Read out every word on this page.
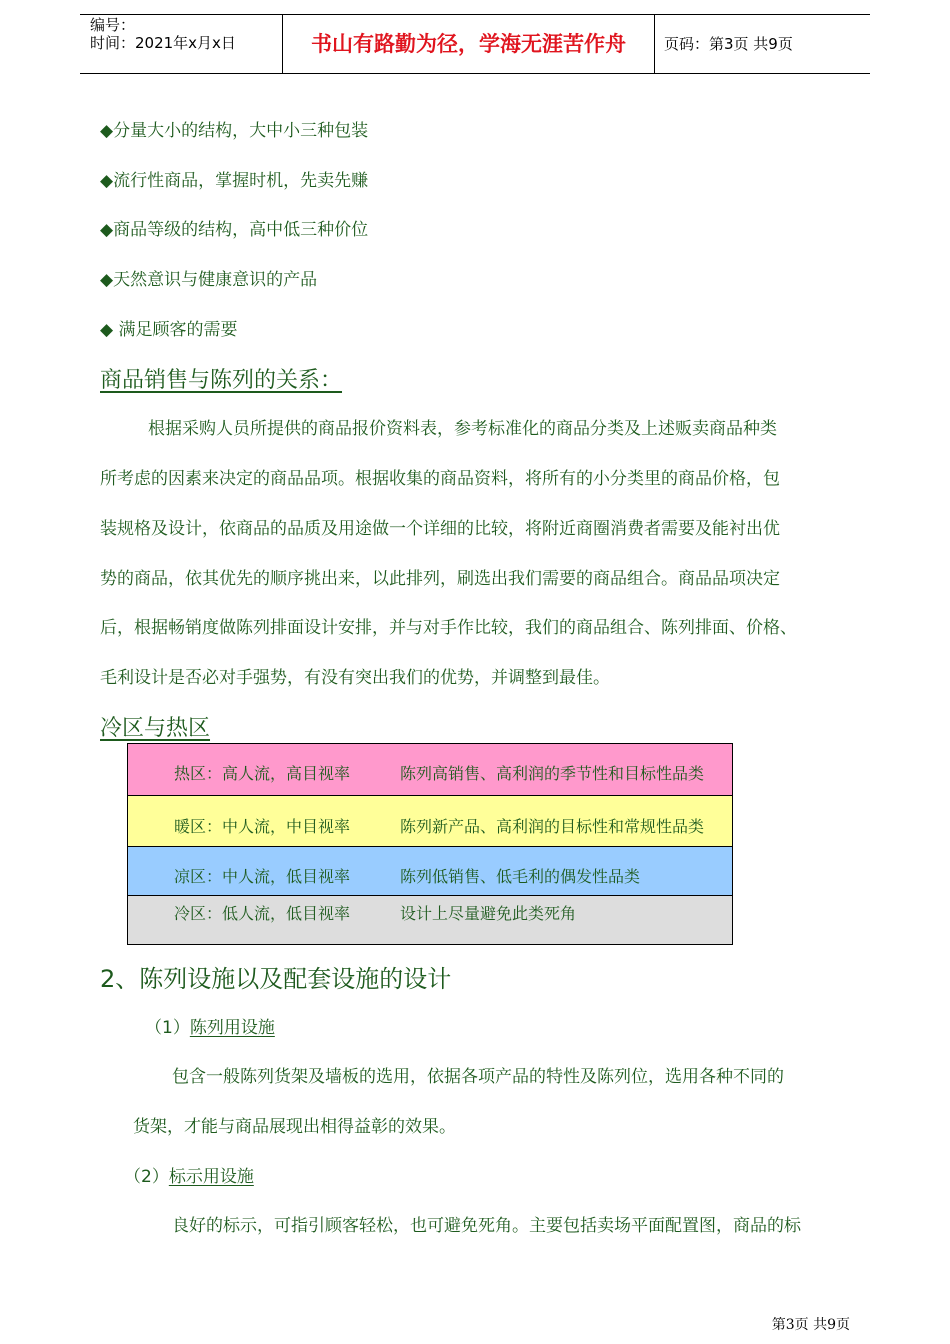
编号：
时间：2021年x月x日	书山有路勤为径，学海无涯苦作舟	页码：第3页 共9页
◆分量大小的结构，大中小三种包装
◆流行性商品，掌握时机，先卖先赚
◆商品等级的结构，高中低三种价位
◆天然意识与健康意识的产品
◆ 满足顾客的需要
商品销售与陈列的关系：
根据采购人员所提供的商品报价资料表，参考标准化的商品分类及上述贩卖商品种类
所考虑的因素来决定的商品品项。根据收集的商品资料，将所有的小分类里的商品价格，包
装规格及设计，依商品的品质及用途做一个详细的比较，将附近商圈消费者需要及能衬出优
势的商品，依其优先的顺序挑出来，以此排列，刷选出我们需要的商品组合。商品品项决定
后，根据畅销度做陈列排面设计安排，并与对手作比较，我们的商品组合、陈列排面、价格、
毛利设计是否必对手强势，有没有突出我们的优势，并调整到最佳。
冷区与热区
热区：高人流，高目视率	陈列高销售、高利润的季节性和目标性品类
暖区：中人流，中目视率	陈列新产品、高利润的目标性和常规性品类
凉区：中人流，低目视率	陈列低销售、低毛利的偶发性品类
冷区：低人流，低目视率	设计上尽量避免此类死角
2、陈列设施以及配套设施的设计
（1）陈列用设施
包含一般陈列货架及墙板的选用，依据各项产品的特性及陈列位，选用各种不同的
货架，才能与商品展现出相得益彰的效果。
（2）标示用设施
良好的标示，可指引顾客轻松，也可避免死角。主要包括卖场平面配置图，商品的标
第3页 共9页
